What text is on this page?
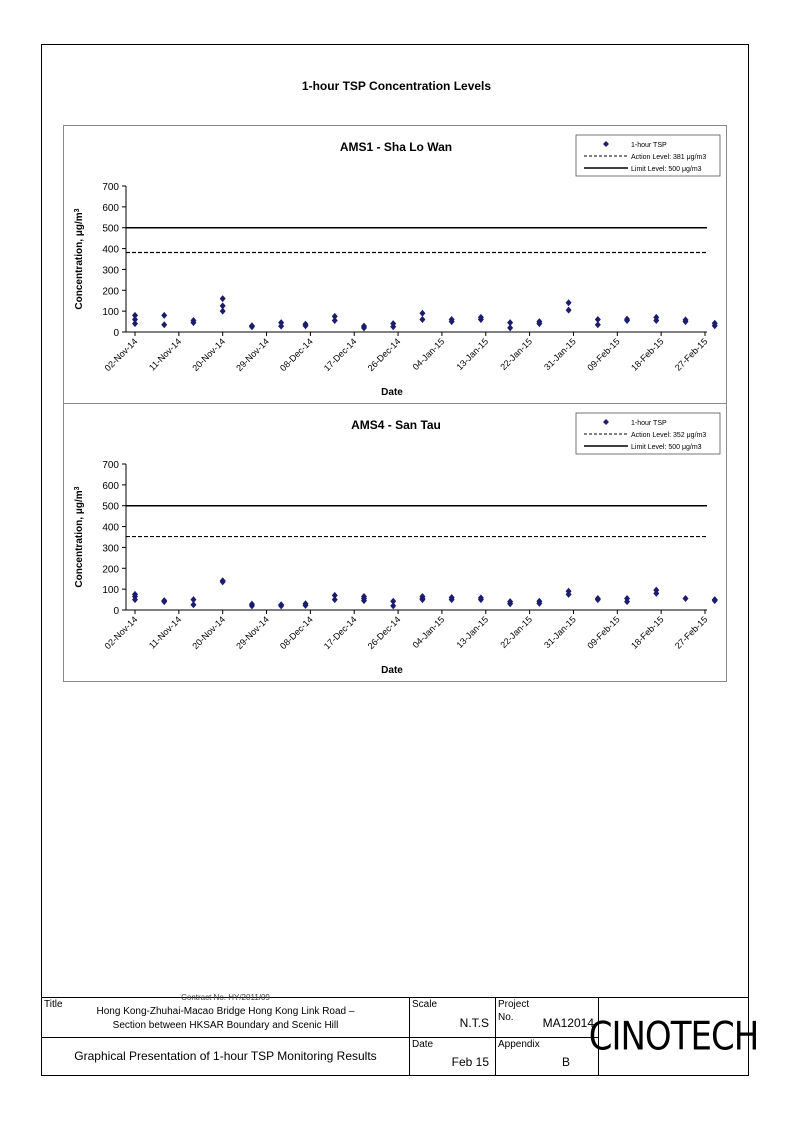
1-hour TSP Concentration Levels
AMS1 - Sha Lo Wan
0
100
200
300
400
500
600
700
Concentration, $\mu g/m^3$
02-Nov-14 11-Nov-14 20-Nov-14 29-Nov-14 08-Dec-14 17-Dec-14 26-Dec-14 04-Jan-15 13-Jan-15 22-Jan-15 31-Jan-15 09-Feb-15 18-Feb-15 27-Feb-15
Date
1-hour TSP
Action Level: 381 μg/m3
Limit Level: 500 μg/m3
AMS4 - San Tau
0
100
200
300
400
500
600
700
Concentration, $\mu g/m^3$
02-Nov-14 11-Nov-14 20-Nov-14 29-Nov-14 08-Dec-14 17-Dec-14 26-Dec-14 04-Jan-15 13-Jan-15 22-Jan-15 31-Jan-15 09-Feb-15 18-Feb-15 27-Feb-15
Date
1-hour TSP
Action Level: 352 μg/m3
Limit Level: 500 μg/m3
Title
Contract No. HY/2011/09
Hong Kong-Zhuhai-Macao Bridge Hong Kong Link Road –
Section between HKSAR Boundary and Scenic Hill
Graphical Presentation of 1-hour TSP Monitoring Results
Scale
N.T.S
Date
Feb 15
Project
No. MA12014
Appendix
B
CINOTECH
